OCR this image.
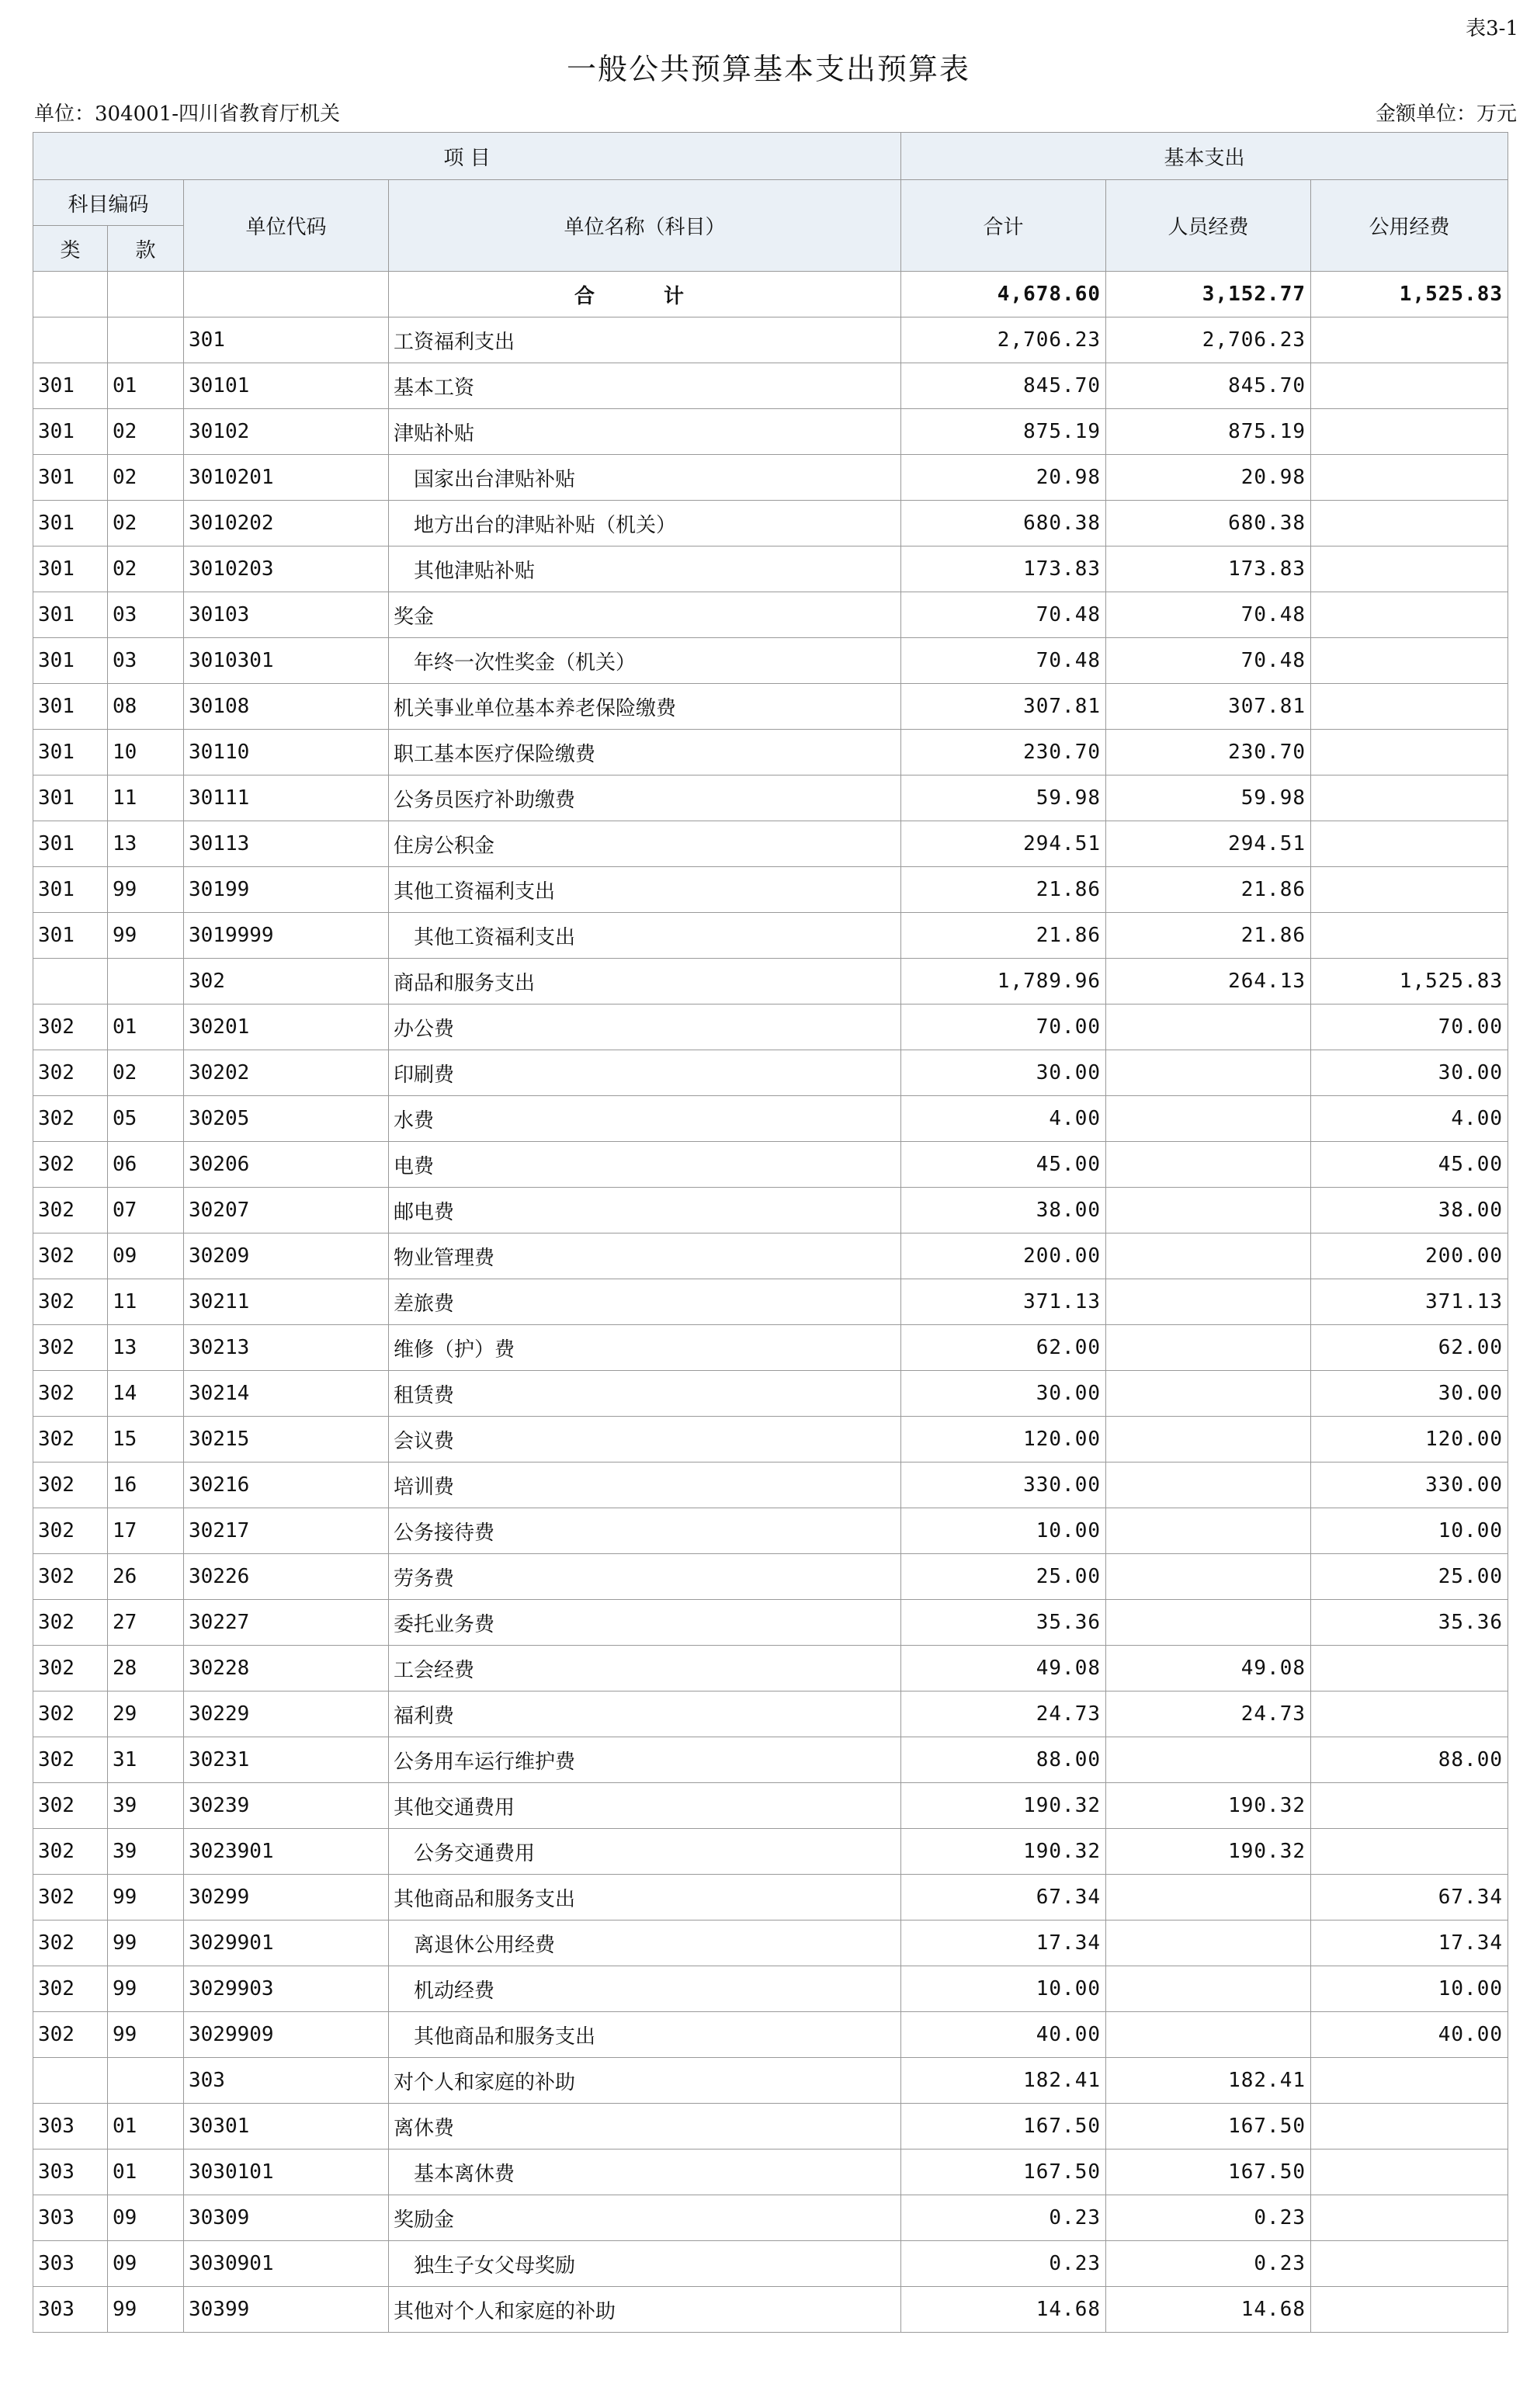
表3-1
一般公共预算基本支出预算表
单位：304001-四川省教育厅机关	金额单位：万元
项 目				基本支出		
科目编码		单位代码	单位名称（科目）	合计	人员经费	公用经费
类	款					
			合 计	4,678.60	3,152.77	1,525.83
		301	工资福利支出	2,706.23	2,706.23	
301	01	30101	基本工资	845.70	845.70	
301	02	30102	津贴补贴	875.19	875.19	
301	02	3010201	国家出台津贴补贴	20.98	20.98	
301	02	3010202	地方出台的津贴补贴（机关）	680.38	680.38	
301	02	3010203	其他津贴补贴	173.83	173.83	
301	03	30103	奖金	70.48	70.48	
301	03	3010301	年终一次性奖金（机关）	70.48	70.48	
301	08	30108	机关事业单位基本养老保险缴费	307.81	307.81	
301	10	30110	职工基本医疗保险缴费	230.70	230.70	
301	11	30111	公务员医疗补助缴费	59.98	59.98	
301	13	30113	住房公积金	294.51	294.51	
301	99	30199	其他工资福利支出	21.86	21.86	
301	99	3019999	其他工资福利支出	21.86	21.86	
		302	商品和服务支出	1,789.96	264.13	1,525.83
302	01	30201	办公费	70.00		70.00
302	02	30202	印刷费	30.00		30.00
302	05	30205	水费	4.00		4.00
302	06	30206	电费	45.00		45.00
302	07	30207	邮电费	38.00		38.00
302	09	30209	物业管理费	200.00		200.00
302	11	30211	差旅费	371.13		371.13
302	13	30213	维修（护）费	62.00		62.00
302	14	30214	租赁费	30.00		30.00
302	15	30215	会议费	120.00		120.00
302	16	30216	培训费	330.00		330.00
302	17	30217	公务接待费	10.00		10.00
302	26	30226	劳务费	25.00		25.00
302	27	30227	委托业务费	35.36		35.36
302	28	30228	工会经费	49.08	49.08	
302	29	30229	福利费	24.73	24.73	
302	31	30231	公务用车运行维护费	88.00		88.00
302	39	30239	其他交通费用	190.32	190.32	
302	39	3023901	公务交通费用	190.32	190.32	
302	99	30299	其他商品和服务支出	67.34		67.34
302	99	3029901	离退休公用经费	17.34		17.34
302	99	3029903	机动经费	10.00		10.00
302	99	3029909	其他商品和服务支出	40.00		40.00
		303	对个人和家庭的补助	182.41	182.41	
303	01	30301	离休费	167.50	167.50	
303	01	3030101	基本离休费	167.50	167.50	
303	09	30309	奖励金	0.23	0.23	
303	09	3030901	独生子女父母奖励	0.23	0.23	
303	99	30399	其他对个人和家庭的补助	14.68	14.68	
